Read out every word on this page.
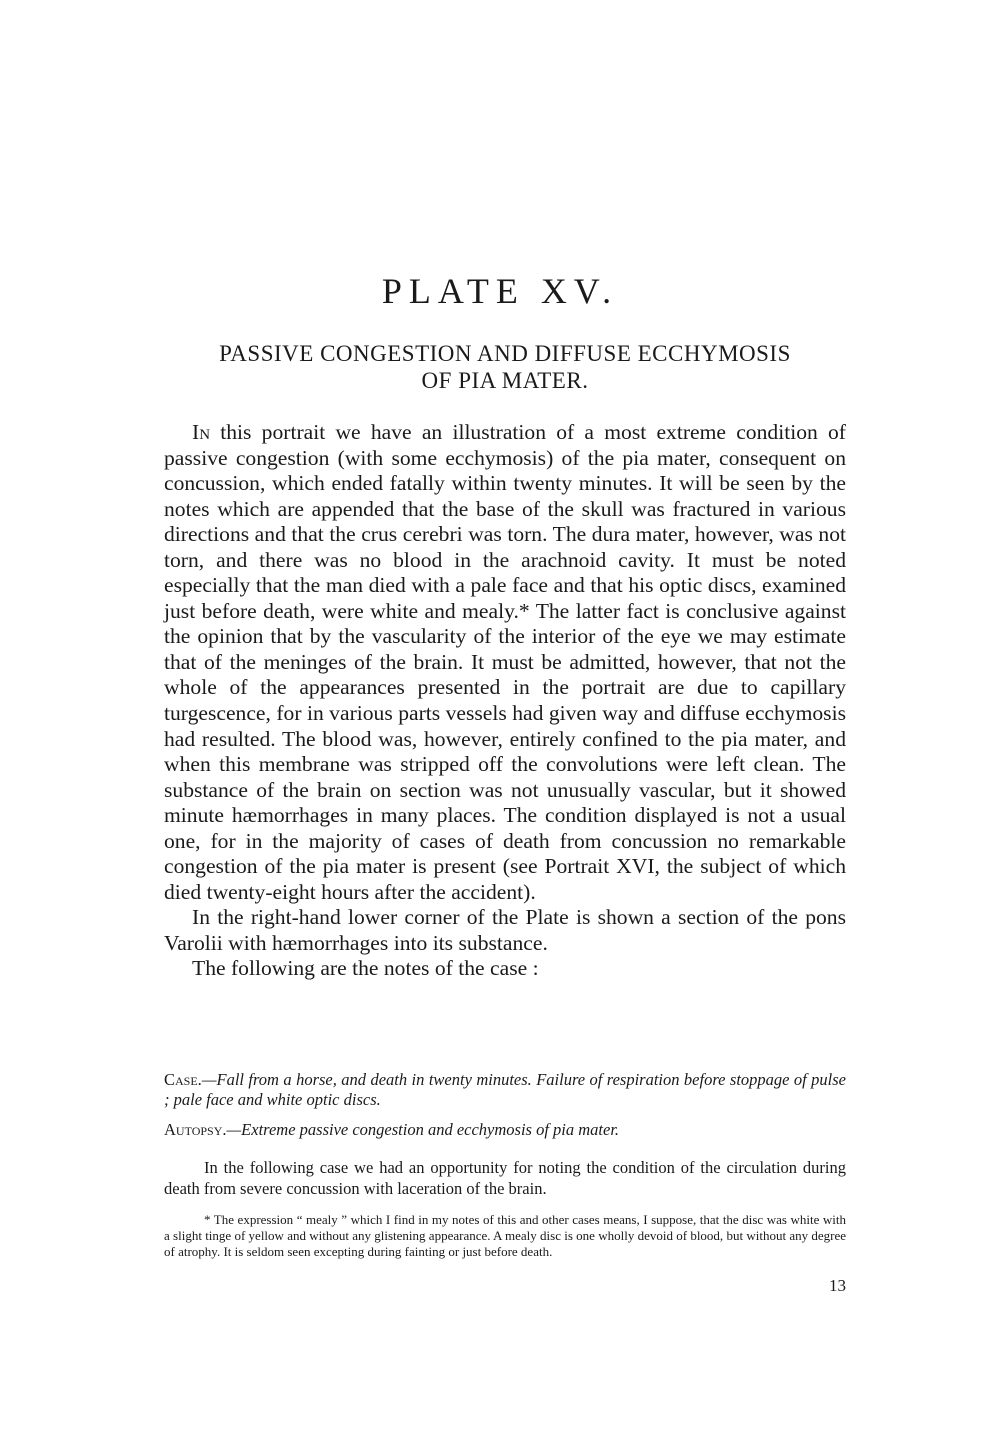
PLATE XV.
PASSIVE CONGESTION AND DIFFUSE ECCHYMOSIS
OF PIA MATER.

In this portrait we have an illustration of a most extreme condition of passive congestion (with some ecchymosis) of the pia mater, consequent on concussion, which ended fatally within twenty minutes. It will be seen by the notes which are appended that the base of the skull was fractured in various directions and that the crus cerebri was torn. The dura mater, however, was not torn, and there was no blood in the arachnoid cavity. It must be noted especially that the man died with a pale face and that his optic discs, examined just before death, were white and mealy.* The latter fact is conclusive against the opinion that by the vascularity of the interior of the eye we may estimate that of the meninges of the brain. It must be admitted, however, that not the whole of the appearances presented in the portrait are due to capillary turgescence, for in various parts vessels had given way and diffuse ecchymosis had resulted. The blood was, however, entirely confined to the pia mater, and when this membrane was stripped off the convolutions were left clean. The substance of the brain on section was not unusually vascular, but it showed minute hæmorrhages in many places. The condition displayed is not a usual one, for in the majority of cases of death from concussion no remarkable congestion of the pia mater is present (see Portrait XVI, the subject of which died twenty-eight hours after the accident).

In the right-hand lower corner of the Plate is shown a section of the pons Varolii with hæmorrhages into its substance.

The following are the notes of the case :

Case.—Fall from a horse, and death in twenty minutes. Failure of respiration before stoppage of pulse ; pale face and white optic discs.

Autopsy.—Extreme passive congestion and ecchymosis of pia mater.

In the following case we had an opportunity for noting the condition of the circulation during death from severe concussion with laceration of the brain.

* The expression “ mealy ” which I find in my notes of this and other cases means, I suppose, that the disc was white with a slight tinge of yellow and without any glistening appearance. A mealy disc is one wholly devoid of blood, but without any degree of atrophy. It is seldom seen excepting during fainting or just before death.

13
